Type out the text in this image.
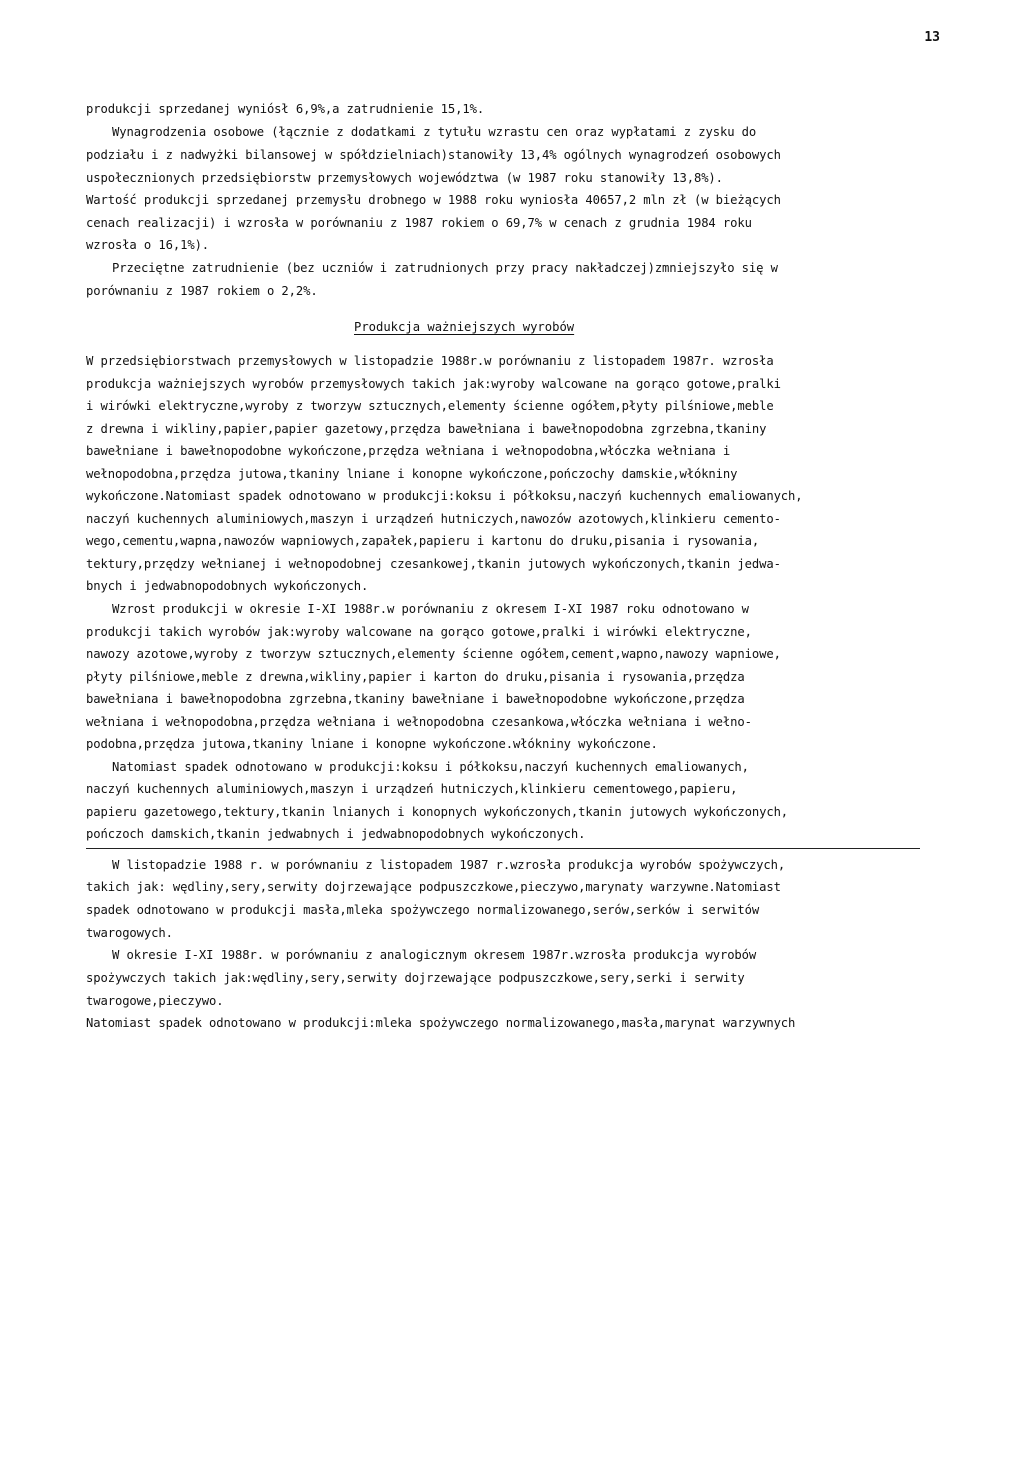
13
produkcji sprzedanej wyniósł 6,9%,a zatrudnienie 15,1%.
Wynagrodzenia osobowe (łącznie z dodatkami z tytułu wzrastu cen oraz wypłatami z zysku do
podziału i z nadwyżki bilansowej w spółdzielniach)stanowiły 13,4% ogólnych wynagrodzeń osobowych
uspołecznionych przedsiębiorstw przemysłowych województwa (w 1987 roku stanowiły 13,8%).
Wartość produkcji sprzedanej przemysłu drobnego w 1988 roku wyniosła 40657,2 mln zł (w bieżących
cenach realizacji) i wzrosła w porównaniu z 1987 rokiem o 69,7% w cenach z grudnia 1984 roku
wzrosła o 16,1%).
Przeciętne zatrudnienie (bez uczniów i zatrudnionych przy pracy nakładczej)zmniejszyło się w
porównaniu z 1987 rokiem o 2,2%.
Produkcja ważniejszych wyrobów
W przedsiębiorstwach przemysłowych w listopadzie 1988r.w porównaniu z listopadem 1987r. wzrosła
produkcja ważniejszych wyrobów przemysłowych takich jak:wyroby walcowane na gorąco gotowe,pralki
i wirówki elektryczne,wyroby z tworzyw sztucznych,elementy ścienne ogółem,płyty pilśniowe,meble
z drewna i wikliny,papier,papier gazetowy,przędza bawełniana i bawełnopodobna zgrzebna,tkaniny
bawełniane i bawełnopodobne wykończone,przędza wełniana i wełnopodobna,włóczka wełniana i
wełnopodobna,przędza jutowa,tkaniny lniane i konopne wykończone,pończochy damskie,włókniny
wykończone.Natomiast spadek odnotowano w produkcji:koksu i półkoksu,naczyń kuchennych emaliowanych,
naczyń kuchennych aluminiowych,maszyn i urządzeń hutniczych,nawozów azotowych,klinkieru cemento-
wego,cementu,wapna,nawozów wapniowych,zapałek,papieru i kartonu do druku,pisania i rysowania,
tektury,przędzy wełnianej i wełnopodobnej czesankowej,tkanin jutowych wykończonych,tkanin jedwa-
bnych i jedwabnopodobnych wykończonych.
Wzrost produkcji w okresie I-XI 1988r.w porównaniu z okresem I-XI 1987 roku odnotowano w
produkcji takich wyrobów jak:wyroby walcowane na gorąco gotowe,pralki i wirówki elektryczne,
nawozy azotowe,wyroby z tworzyw sztucznych,elementy ścienne ogółem,cement,wapno,nawozy wapniowe,
płyty pilśniowe,meble z drewna,wikliny,papier i karton do druku,pisania i rysowania,przędza
bawełniana i bawełnopodobna zgrzebna,tkaniny bawełniane i bawełnopodobne wykończone,przędza
wełniana i wełnopodobna,przędza wełniana i wełnopodobna czesankowa,włóczka wełniana i wełno-
podobna,przędza jutowa,tkaniny lniane i konopne wykończone.włókniny wykończone.
Natomiast spadek odnotowano w produkcji:koksu i półkoksu,naczyń kuchennych emaliowanych,
naczyń kuchennych aluminiowych,maszyn i urządzeń hutniczych,klinkieru cementowego,papieru,
papieru gazetowego,tektury,tkanin lnianych i konopnych wykończonych,tkanin jutowych wykończonych,
pończoch damskich,tkanin jedwabnych i jedwabnopodobnych wykończonych.
W listopadzie 1988 r. w porównaniu z listopadem 1987 r.wzrosła produkcja wyrobów spożywczych,
takich jak: wędliny,sery,serwity dojrzewające podpuszczkowe,pieczywo,marynaty warzywne.Natomiast
spadek odnotowano w produkcji masła,mleka spożywczego normalizowanego,serów,serków i serwitów
twarogowych.
W okresie I-XI 1988r. w porównaniu z analogicznym okresem 1987r.wzrosła produkcja wyrobów
spożywczych takich jak:wędliny,sery,serwity dojrzewające podpuszczkowe,sery,serki i serwity
twarogowe,pieczywo.
Natomiast spadek odnotowano w produkcji:mleka spożywczego normalizowanego,masła,marynat warzywnych
